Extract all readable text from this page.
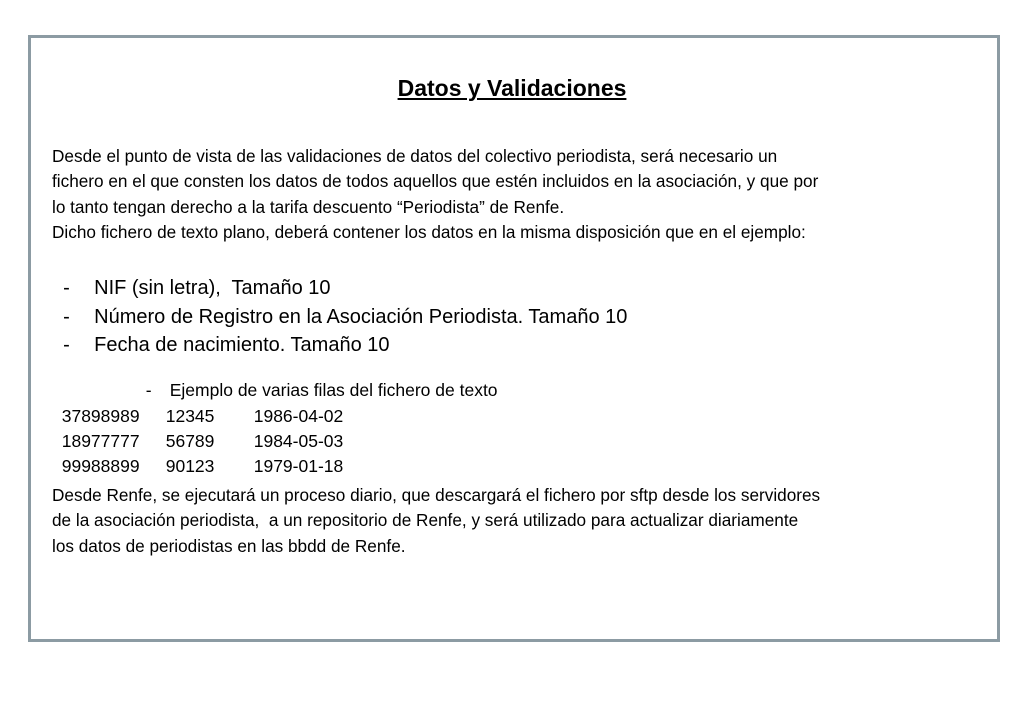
Datos y Validaciones
Desde el punto de vista de las validaciones de datos del colectivo periodista, será necesario un
fichero en el que consten los datos de todos aquellos que estén incluidos en la asociación, y que por
lo tanto tengan derecho a la tarifa descuento “Periodista” de Renfe.
Dicho fichero de texto plano, deberá contener los datos en la misma disposición que en el ejemplo:

- NIF (sin letra),  Tamaño 10

- Número de Registro en la Asociación Periodista. Tamaño 10

- Fecha de nacimiento. Tamaño 10

- Ejemplo de varias filas del fichero de texto

37898989 12345 1986-04-02

18977777 56789 1984-05-03

99988899 90123 1979-01-18

Desde Renfe, se ejecutará un proceso diario, que descargará el fichero por sftp desde los servidores
de la asociación periodista,  a un repositorio de Renfe, y será utilizado para actualizar diariamente
los datos de periodistas en las bbdd de Renfe.
